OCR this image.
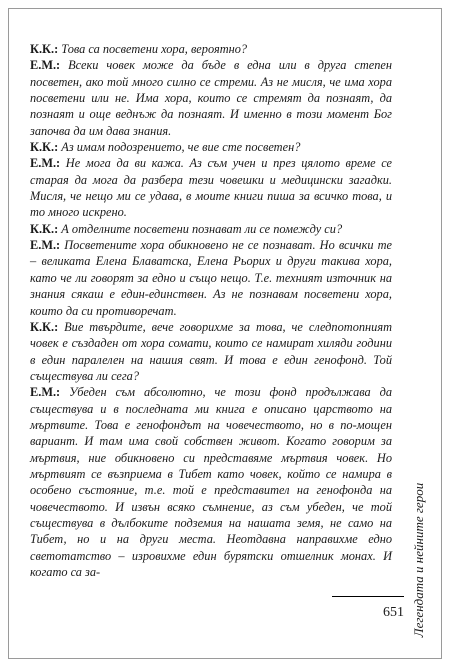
К.К.: Това са посветени хора, вероятно?

Е.М.: Всеки човек може да бъде в една или в друга степен посветен, ако той много силно се стреми. Аз не мисля, че има хора посветени или не. Има хора, които се стремят да познаят, да познаят и още веднъж да познаят. И именно в този момент Бог започва да им дава знания.

К.К.: Аз имам подозрението, че вие сте посветен?

Е.М.: Не мога да ви кажа. Аз съм учен и през цялото време се старая да мога да разбера тези човешки и медицински загадки. Мисля, че нещо ми се удава, в моите книги пиша за всичко това, и то много искрено.

К.К.: А отделните посветени познават ли се помежду си?

Е.М.: Посветените хора обикновено не се познават. Но всички те – великата Елена Блаватска, Елена Рьорих и други такива хора, като че ли говорят за едно и също нещо. Т.е. техният източник на знания сякаш е един-единствен. Аз не познавам посветени хора, които да си противоречат.

К.К.: Вие твърдите, вече говорихме за това, че следпотопният човек е създаден от хора сомати, които се намират хиляди години в един паралелен на нашия свят. И това е един генофонд. Той съществува ли сега?

Е.М.: Убеден съм абсолютно, че този фонд продължава да съществува и в последната ми книга е описано царството на мъртвите. Това е генофондът на човечеството, но в по-мощен вариант. И там има свой собствен живот. Когато говорим за мъртвия, ние обикновено си представяме мъртвия човек. Но мъртвият се възприема в Тибет като човек, който се намира в особено състояние, т.е. той е представител на генофонда на човечеството. И извън всяко съмнение, аз съм убеден, че той съществува в дълбоките подземия на нашата земя, не само на Тибет, но и на други места. Неотдавна направихме едно светотатство – изровихме един бурятски отшелник монах. И когато са за-	Легендата и нейните герои
651
